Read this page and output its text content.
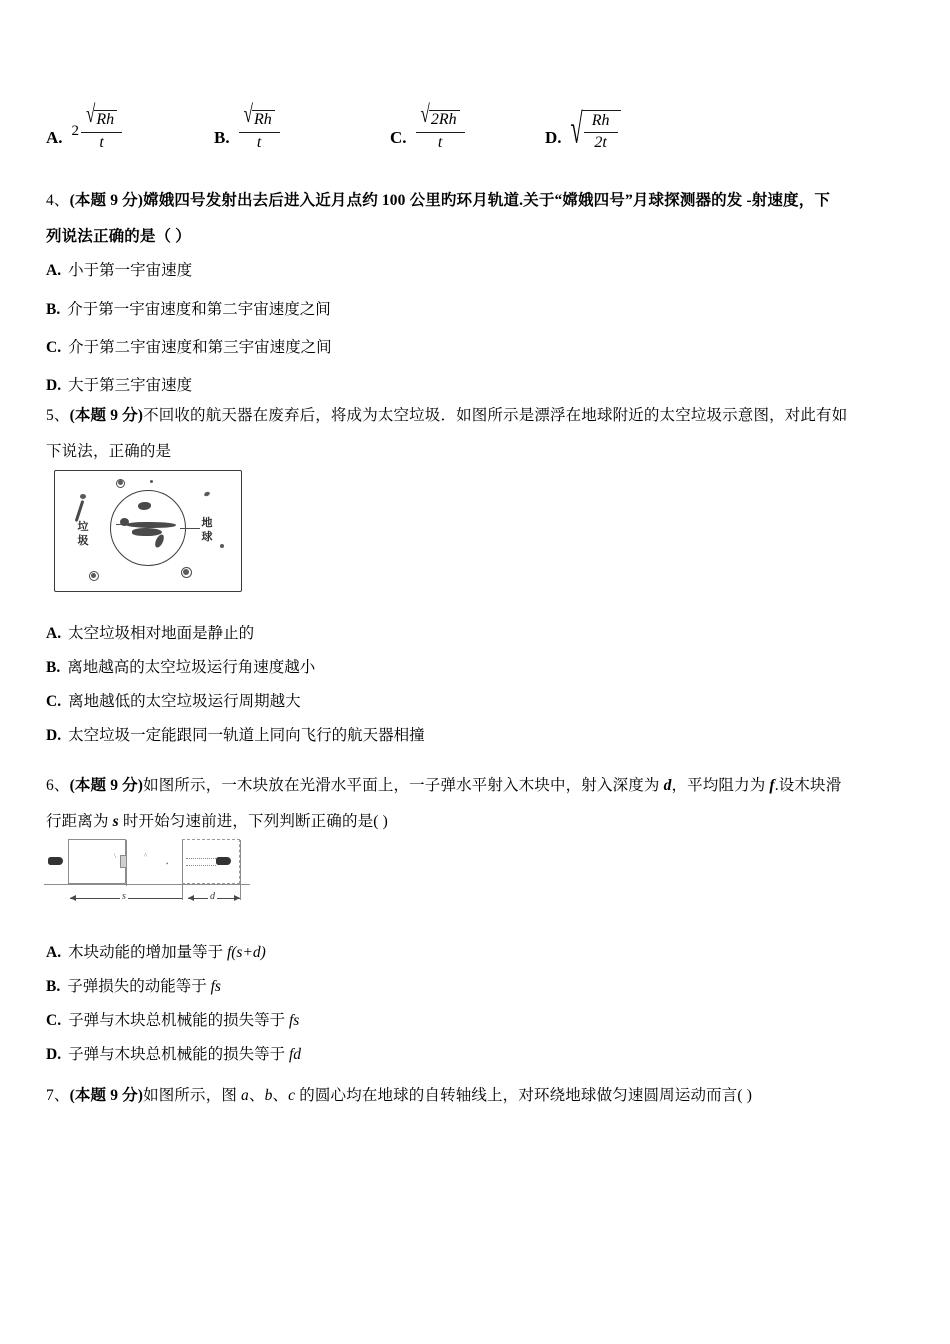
A. $2 \frac{√ Rh}{t}$	B. $\frac{√ Rh}{t}$	C. $\frac{√ 2Rh}{t}$	D. √ $\frac{Rh}{2t}$
4、(本题 9 分)嫦娥四号发射出去后进入近月点约 100 公里旳环月轨道.关于“嫦娥四号”月球探测器的发 -射速度，下
列说法正确的是（ ）
A. 小于第一宇宙速度
B. 介于第一宇宙速度和第二宇宙速度之间
C. 介于第二宇宙速度和第三宇宙速度之间
D. 大于第三宇宙速度
5、(本题 9 分)不回收的航天器在废弃后，将成为太空垃圾．如图所示是漂浮在地球附近的太空垃圾示意图，对此有如
下说法，正确的是
垃圾
地球
A. 太空垃圾相对地面是静止的
B. 离地越高的太空垃圾运行角速度越小
C. 离地越低的太空垃圾运行周期越大
D. 太空垃圾一定能跟同一轨道上同向飞行的航天器相撞
6、(本题 9 分)如图所示，一木块放在光滑水平面上，一子弹水平射入木块中，射入深度为 d，平均阻力为 f.设木块滑
行距离为 s 时开始匀速前进，下列判断正确的是( )
\	^
•
s	d
A. 木块动能的增加量等于 f(s+d)
B. 子弹损失的动能等于 fs
C. 子弹与木块总机械能的损失等于 fs
D. 子弹与木块总机械能的损失等于 fd
7、(本题 9 分)如图所示，图 a、b、c 的圆心均在地球的自转轴线上，对环绕地球做匀速圆周运动而言( )
